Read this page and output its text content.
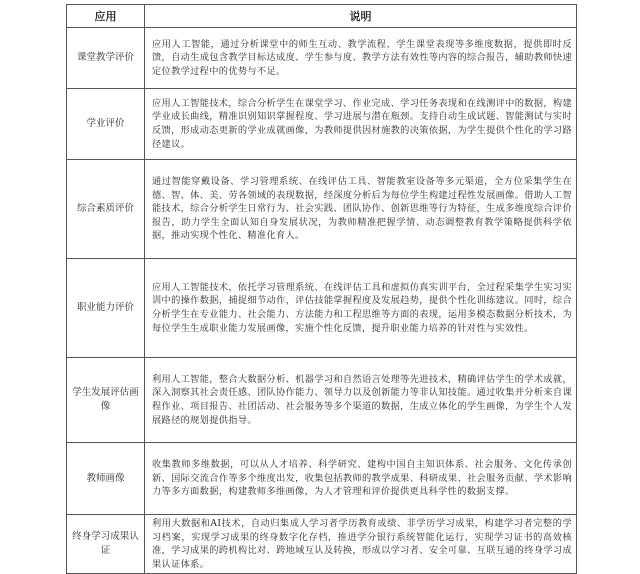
应用	说明
课堂教学评价	应用人工智能，通过分析课堂中的师生互动、教学流程、学生课堂表现等多维度数据，提供即时反馈，自动生成包含教学目标达成度、学生参与度、教学方法有效性等内容的综合报告，辅助教师快速定位教学过程中的优势与不足。
学业评价	应用人工智能技术，综合分析学生在课堂学习、作业完成、学习任务表现和在线测评中的数据，构建学业成长曲线，精准识别知识掌握程度、学习进展与潜在瓶颈。支持自动生成试题、智能测试与实时反馈，形成动态更新的学业成就画像，为教师提供因材施教的决策依据，为学生提供个性化的学习路径建议。
综合素质评价	通过智能穿戴设备、学习管理系统、在线评估工具、智能教室设备等多元渠道，全方位采集学生在德、智、体、美、劳各领域的表现数据，经深度分析后为每位学生构建过程性发展画像。借助人工智能技术，综合分析学生日常行为、社会实践、团队协作、创新思维等行为特征，生成多维度综合评价报告，助力学生全面认知自身发展状况，为教师精准把握学情、动态调整教育教学策略提供科学依据，推动实现个性化、精准化育人。
职业能力评价	应用人工智能技术，依托学习管理系统、在线评估工具和虚拟仿真实训平台，全过程采集学生实习实训中的操作数据，捕捉细节动作，评估技能掌握程度及发展趋势，提供个性化训练建议。同时，综合分析学生在专业能力、社会能力、方法能力和工程思维等方面的表现，运用多模态数据分析技术，为每位学生生成职业能力发展画像，实施个性化反馈，提升职业能力培养的针对性与实效性。
学生发展评估画像	利用人工智能，整合大数据分析、机器学习和自然语言处理等先进技术，精确评估学生的学术成就，深入洞察其社会责任感、团队协作能力、领导力以及创新能力等非认知技能。通过收集并分析来自课程作业、项目报告、社团活动、社会服务等多个渠道的数据，生成立体化的学生画像，为学生个人发展路径的规划提供指导。
教师画像	收集教师多维数据，可以从人才培养、科学研究、建构中国自主知识体系、社会服务、文化传承创新、国际交流合作等多个维度出发，收集包括教师的教学成果、科研成果、社会服务贡献、学术影响力等多方面数据，构建教师多维画像，为人才管理和评价提供更具科学性的数据支撑。
终身学习成果认证	利用大数据和AI技术，自动归集成人学习者学历教育成绩、非学历学习成果，构建学习者完整的学习档案，实现学习成果的终身数字化存档，推进学分银行系统智能化运行，实现学习证书的高效核准，学习成果的跨机构比对、跨地域互认及转换，形成以学习者、安全可靠、互联互通的终身学习成果认证体系。
